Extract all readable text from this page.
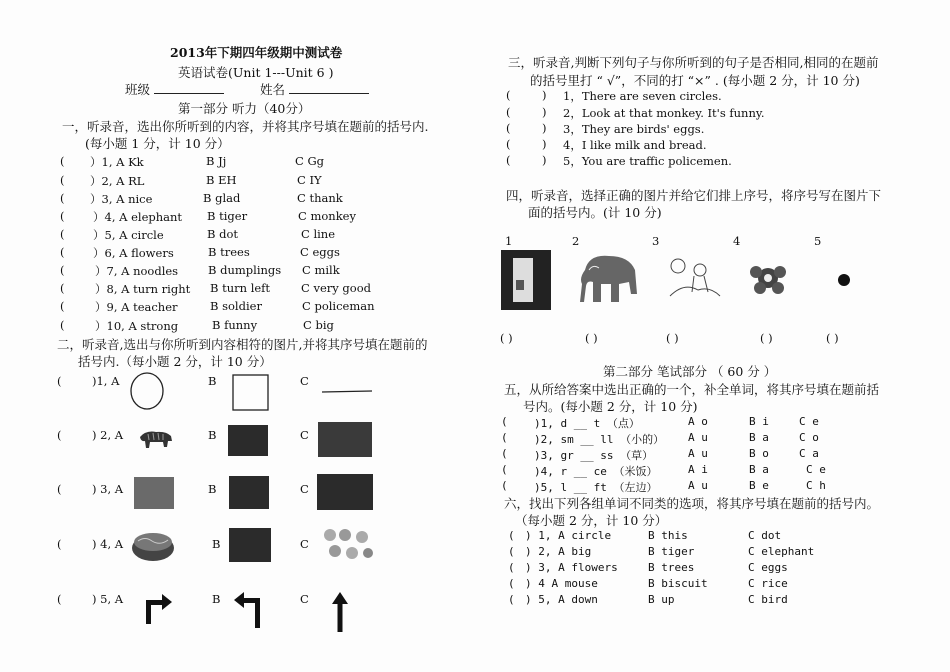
2013年下期四年级期中测试卷
英语试卷(Unit 1---Unit 6 )
班级	姓名
第一部分 听力（40分）
一，听录音，选出你所听到的内容，并将其序号填在题前的括号内.
(每小题 1 分，计 10 分）
( ）1, A Kk	B Jj	C Gg
( ）2, A RL	B EH	C IY
( ）3, A nice	B glad	C thank
( ）4, A elephant B tiger	C monkey
( ）5, A circle	B dot	C line
( ）6, A flowers	B trees	C eggs
(	）7, A noodles	B dumplings C milk
(	）8, A turn right B turn left	C very good
(	）9, A teacher	B soldier	C policeman
(	）10, A strong	B funny	C big
二，听录音,选出与你所听到内容相符的图片,并将其序号填在题前的
括号内.（每小题 2 分，计 10 分）
(	)1, A	B	C
(	) 2, A	B	C
(	) 3, A	B	C
(	) 4, A	B	C
(	) 5, A	B	C
三，听录音,判断下列句子与你所听到的句子是否相同,相同的在题前
的括号里打 “ √”，不同的打 “×” . (每小题 2 分，计 10 分)
(	) 1，There are seven circles.
(	) 2，Look at that monkey. It's funny.
(	) 3，They are birds' eggs.
(	) 4，I like milk and bread.
(	) 5，You are traffic policemen.
四，听录音，选择正确的图片并给它们排上序号，将序号写在图片下
面的括号内。(计 10 分)
1	2	3	4	5
( )	( )	( )	( )	( )
第二部分 笔试部分 （ 60 分 ）
五，从所给答案中选出正确的一个，补全单词，将其序号填在题前括
号内。(每小题 2 分，计 10 分)
( )1, d __ t （点）	A o	B i	C e
( )2, sm __ ll （小的） A u	B a	C o
( )3, gr __ ss （草）	A u	B o	C a
( )4, r __ ce （米饭）	A i	B a	C e
( )5, l __ ft （左边）	A u	B e	C h
六，找出下列各组单词不同类的选项，将其序号填在题前的括号内。
（每小题 2 分，计 10 分）
( ) 1, A circle	B this	C dot
( ) 2, A big	B tiger	C elephant
( ) 3, A flowers	B trees	C eggs
( ) 4 A mouse	B biscuit	C rice
( ) 5, A down	B up	C bird
